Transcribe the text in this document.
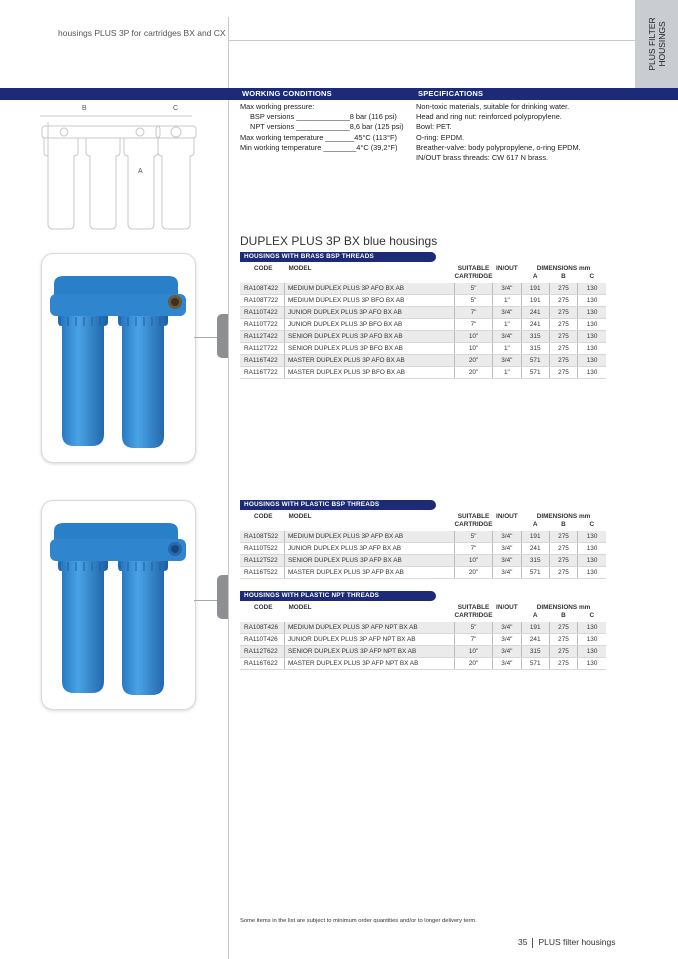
housings PLUS 3P for cartridges BX and CX	PLUS FILTER HOUSINGS
WORKING CONDITIONS	SPECIFICATIONS
Max working pressure:
BSP versions _____________ 8 bar (116 psi)
NPT versions _____________ 8,6 bar (125 psi)
Max working temperature _______ 45°C (113°F)
Min working temperature ________ 4°C (39,2°F)
Non-toxic materials, suitable for drinking water.
Head and ring nut: reinforced polypropylene.
Bowl: PET.
O-ring: EPDM.
Breather-valve: body polypropylene, o-ring EPDM.
IN/OUT brass threads: CW 617 N brass.
B	C
A
DUPLEX PLUS 3P BX blue housings
HOUSINGS WITH BRASS BSP THREADS
CODE	MODEL	SUITABLE	IN/OUT	DIMENSIONS mm		
		CARTRIDGE		A	B	C
RA108T422	MEDIUM DUPLEX PLUS 3P AFO BX AB	5"	3/4"	191	275	130
RA108T722	MEDIUM DUPLEX PLUS 3P BFO BX AB	5"	1"	191	275	130
RA110T422	JUNIOR DUPLEX PLUS 3P AFO BX AB	7"	3/4"	241	275	130
RA110T722	JUNIOR DUPLEX PLUS 3P BFO BX AB	7"	1"	241	275	130
RA112T422	SENIOR DUPLEX PLUS 3P AFO BX AB	10"	3/4"	315	275	130
RA112T722	SENIOR DUPLEX PLUS 3P BFO BX AB	10"	1"	315	275	130
RA116T422	MASTER DUPLEX PLUS 3P AFO BX AB	20"	3/4"	571	275	130
RA116T722	MASTER DUPLEX PLUS 3P BFO BX AB	20"	1"	571	275	130
HOUSINGS WITH PLASTIC BSP THREADS
CODE	MODEL	SUITABLE	IN/OUT	DIMENSIONS mm		
		CARTRIDGE		A	B	C
RA108T522	MEDIUM DUPLEX PLUS 3P AFP BX AB	5"	3/4"	191	275	130
RA110T522	JUNIOR DUPLEX PLUS 3P AFP BX AB	7"	3/4"	241	275	130
RA112T522	SENIOR DUPLEX PLUS 3P AFP BX AB	10"	3/4"	315	275	130
RA116T522	MASTER DUPLEX PLUS 3P AFP BX AB	20"	3/4"	571	275	130
HOUSINGS WITH PLASTIC NPT THREADS
CODE	MODEL	SUITABLE	IN/OUT	DIMENSIONS mm		
		CARTRIDGE		A	B	C
RA108T426	MEDIUM DUPLEX PLUS 3P AFP NPT BX AB	5"	3/4"	191	275	130
RA110T426	JUNIOR DUPLEX PLUS 3P AFP NPT BX AB	7"	3/4"	241	275	130
RA112T622	SENIOR DUPLEX PLUS 3P AFP NPT BX AB	10"	3/4"	315	275	130
RA116T622	MASTER DUPLEX PLUS 3P AFP NPT BX AB	20"	3/4"	571	275	130
Some items in the list are subject to minimum order quantities and/or to longer delivery term.
35 PLUS filter housings
